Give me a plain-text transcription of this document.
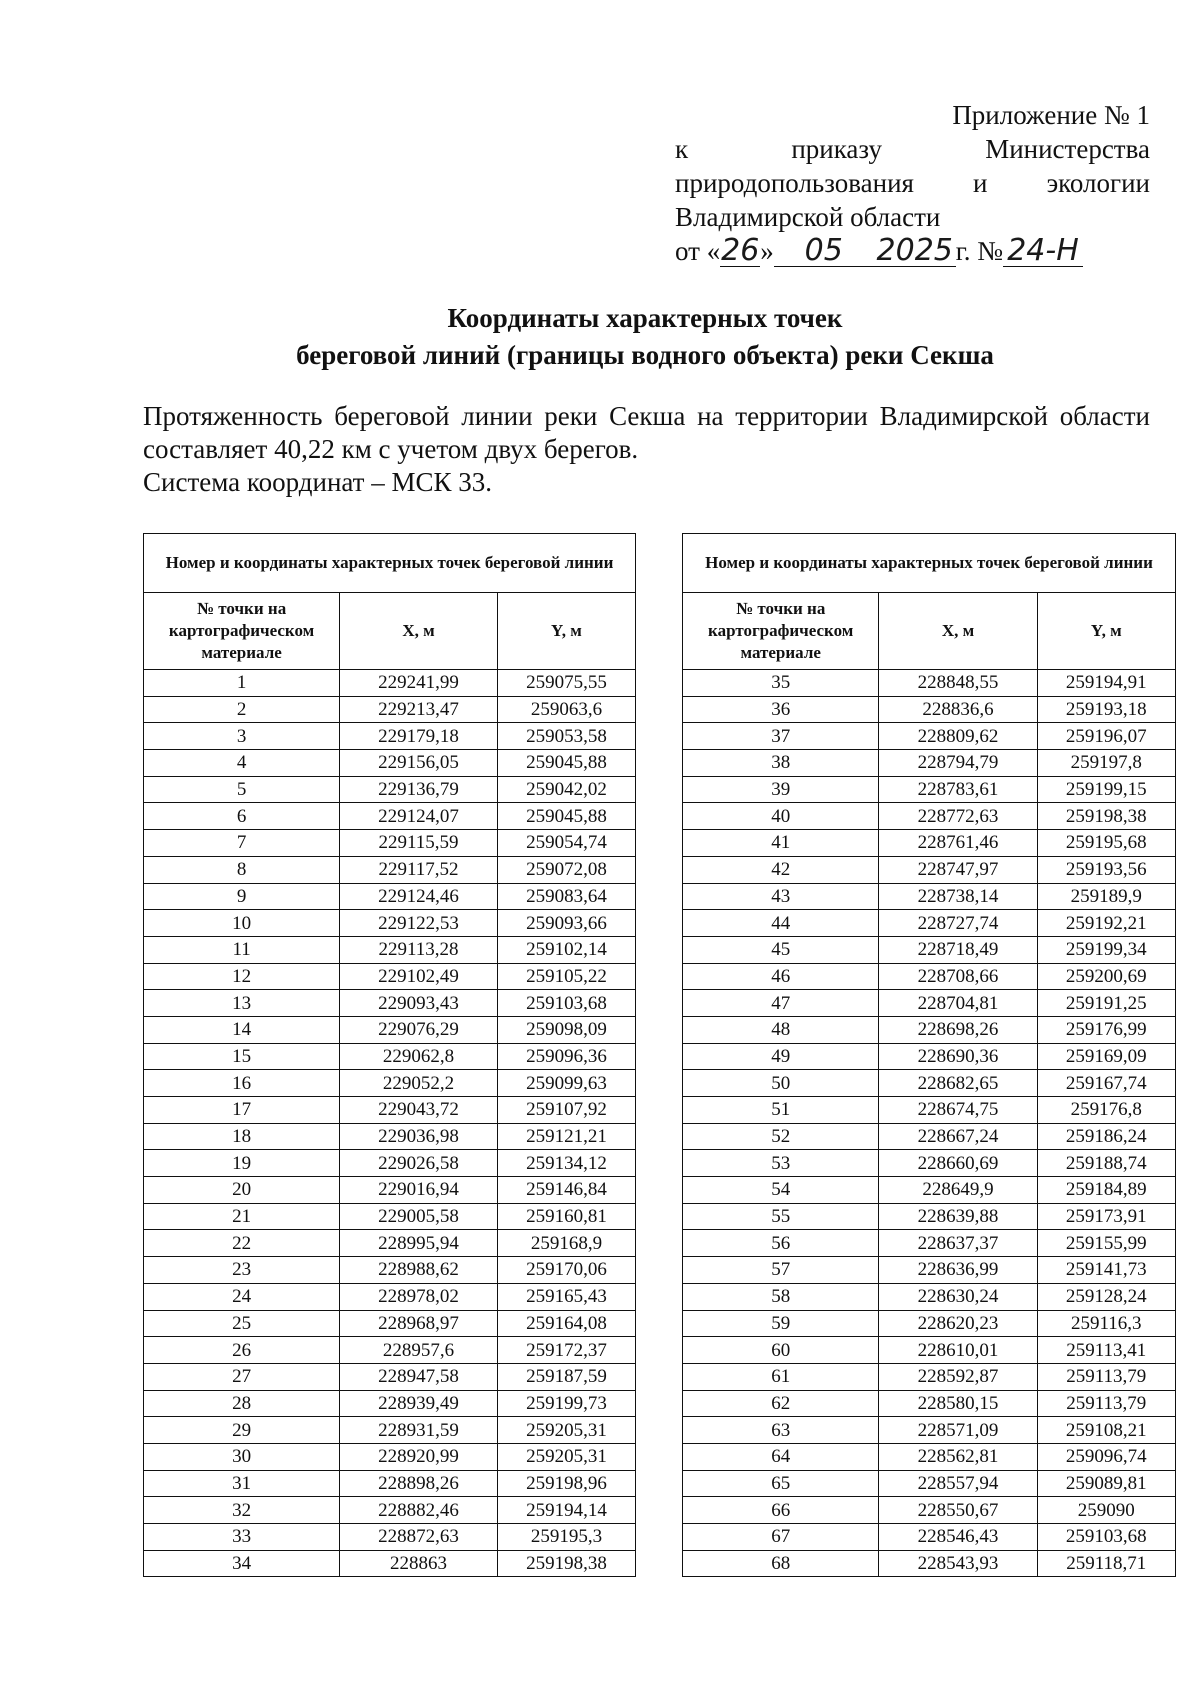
Приложение № 1
к	приказу	Министерства
природопользования и экологии
Владимирской области
от « 26 »	05	2025 г. № 24-Н
Координаты характерных точек
береговой линий (границы водного объекта) реки Секша
Протяженность береговой линии реки Секша на территории Владимирской области составляет 40,22 км с учетом двух берегов.
Система координат – МСК 33.
Номер и координаты характерных точек береговой линии		
№ точки на картографическом материале	X, м	Y, м
1	229241,99	259075,55
2	229213,47	259063,6
3	229179,18	259053,58
4	229156,05	259045,88
5	229136,79	259042,02
6	229124,07	259045,88
7	229115,59	259054,74
8	229117,52	259072,08
9	229124,46	259083,64
10	229122,53	259093,66
11	229113,28	259102,14
12	229102,49	259105,22
13	229093,43	259103,68
14	229076,29	259098,09
15	229062,8	259096,36
16	229052,2	259099,63
17	229043,72	259107,92
18	229036,98	259121,21
19	229026,58	259134,12
20	229016,94	259146,84
21	229005,58	259160,81
22	228995,94	259168,9
23	228988,62	259170,06
24	228978,02	259165,43
25	228968,97	259164,08
26	228957,6	259172,37
27	228947,58	259187,59
28	228939,49	259199,73
29	228931,59	259205,31
30	228920,99	259205,31
31	228898,26	259198,96
32	228882,46	259194,14
33	228872,63	259195,3
34	228863	259198,38
Номер и координаты характерных точек береговой линии		
№ точки на картографическом материале	X, м	Y, м
35	228848,55	259194,91
36	228836,6	259193,18
37	228809,62	259196,07
38	228794,79	259197,8
39	228783,61	259199,15
40	228772,63	259198,38
41	228761,46	259195,68
42	228747,97	259193,56
43	228738,14	259189,9
44	228727,74	259192,21
45	228718,49	259199,34
46	228708,66	259200,69
47	228704,81	259191,25
48	228698,26	259176,99
49	228690,36	259169,09
50	228682,65	259167,74
51	228674,75	259176,8
52	228667,24	259186,24
53	228660,69	259188,74
54	228649,9	259184,89
55	228639,88	259173,91
56	228637,37	259155,99
57	228636,99	259141,73
58	228630,24	259128,24
59	228620,23	259116,3
60	228610,01	259113,41
61	228592,87	259113,79
62	228580,15	259113,79
63	228571,09	259108,21
64	228562,81	259096,74
65	228557,94	259089,81
66	228550,67	259090
67	228546,43	259103,68
68	228543,93	259118,71
